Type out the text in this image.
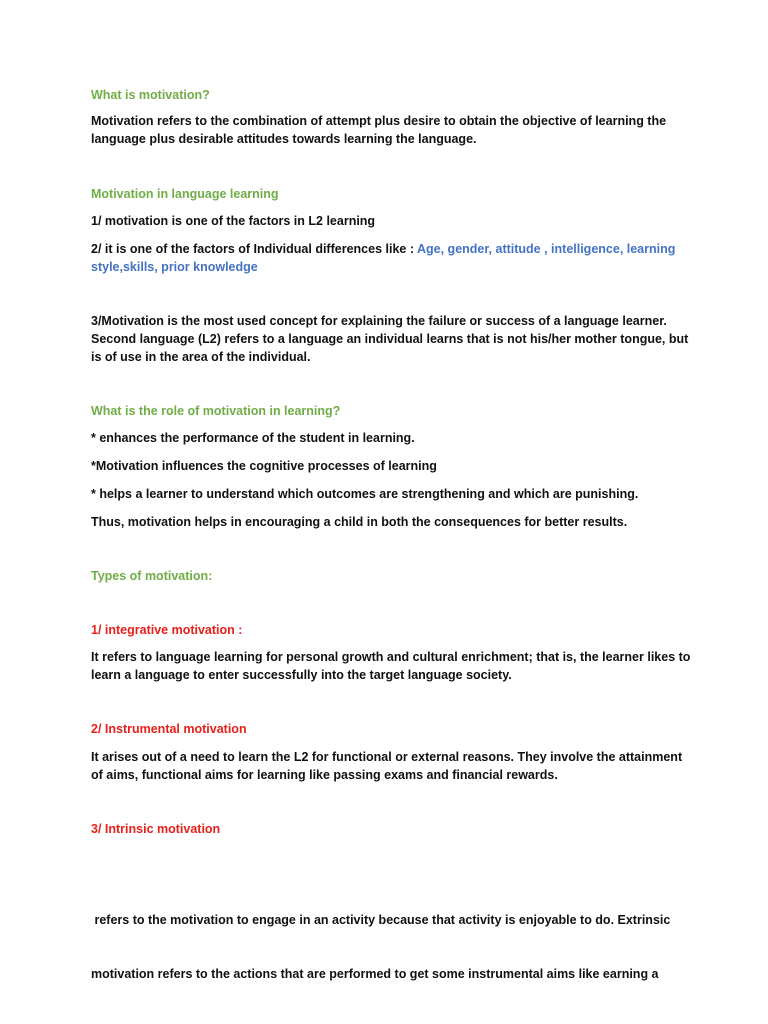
What is motivation?

Motivation refers to the combination of attempt plus desire to obtain the objective of learning the
language plus desirable attitudes towards learning the language.

Motivation in language learning

1/ motivation is one of the factors in L2 learning

2/ it is one of the factors of Individual differences like : Age, gender, attitude , intelligence, learning
style,skills, prior knowledge

3/Motivation is the most used concept for explaining the failure or success of a language learner.
Second language (L2) refers to a language an individual learns that is not his/her mother tongue, but
is of use in the area of the individual.

What is the role of motivation in learning?

* enhances the performance of the student in learning.

*Motivation influences the cognitive processes of learning

* helps a learner to understand which outcomes are strengthening and which are punishing.

Thus, motivation helps in encouraging a child in both the consequences for better results.

Types of motivation:

1/ integrative motivation :

It refers to language learning for personal growth and cultural enrichment; that is, the learner likes to
learn a language to enter successfully into the target language society.

2/ Instrumental motivation

It arises out of a need to learn the L2 for functional or external reasons. They involve the attainment
of aims, functional aims for learning like passing exams and financial rewards.

3/ Intrinsic motivation

refers to the motivation to engage in an activity because that activity is enjoyable to do. Extrinsic

motivation refers to the actions that are performed to get some instrumental aims like earning a
